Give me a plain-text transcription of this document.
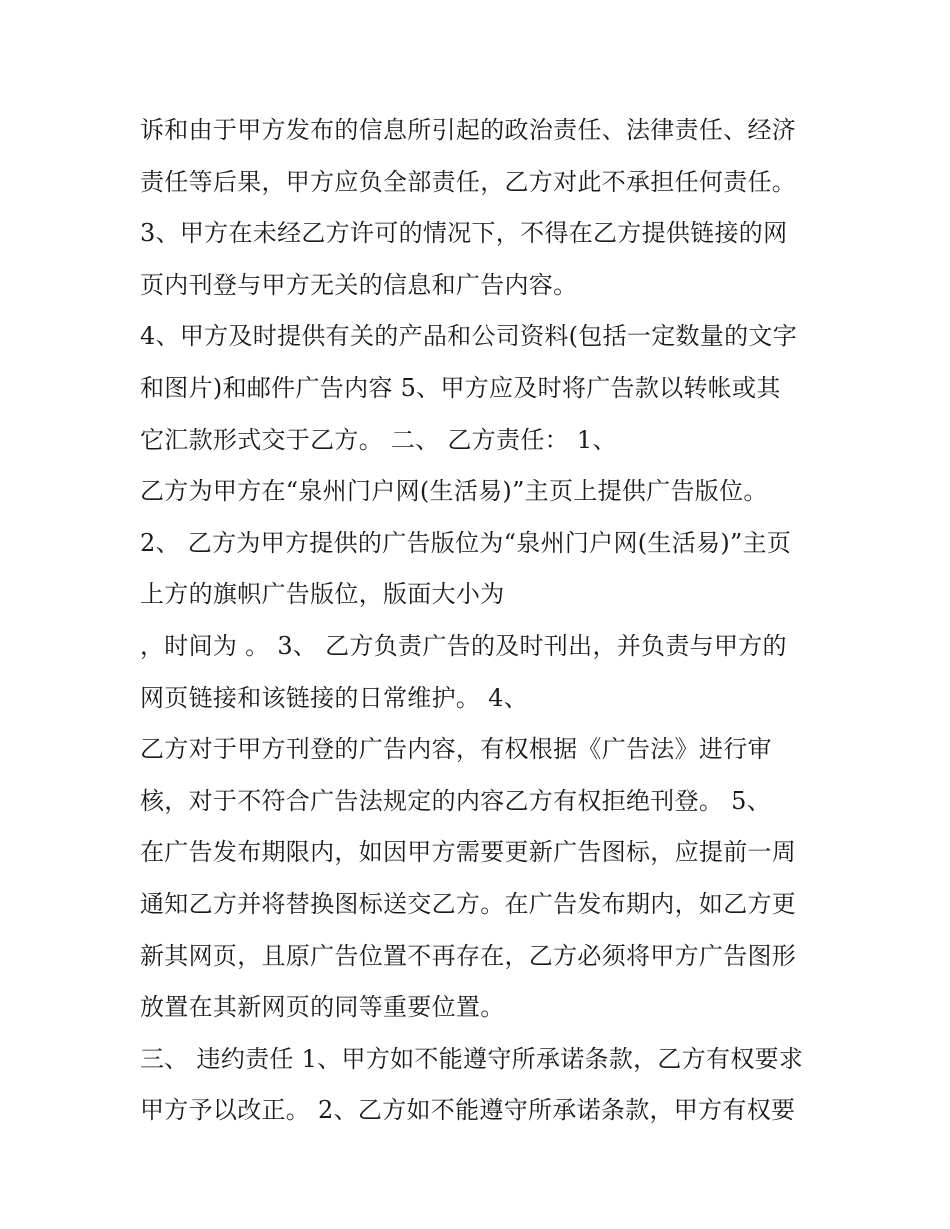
诉和由于甲方发布的信息所引起的政治责任、法律责任、经济
责任等后果，甲方应负全部责任，乙方对此不承担任何责任。
3、甲方在未经乙方许可的情况下，不得在乙方提供链接的网
页内刊登与甲方无关的信息和广告内容。
4、甲方及时提供有关的产品和公司资料(包括一定数量的文字
和图片)和邮件广告内容 5、甲方应及时将广告款以转帐或其
它汇款形式交于乙方。 二、 乙方责任： 1、
乙方为甲方在“泉州门户网(生活易)”主页上提供广告版位。
2、 乙方为甲方提供的广告版位为“泉州门户网(生活易)”主页
上方的旗帜广告版位，版面大小为
，时间为 。 3、 乙方负责广告的及时刊出，并负责与甲方的
网页链接和该链接的日常维护。 4、
乙方对于甲方刊登的广告内容，有权根据《广告法》进行审
核，对于不符合广告法规定的内容乙方有权拒绝刊登。 5、
在广告发布期限内，如因甲方需要更新广告图标，应提前一周
通知乙方并将替换图标送交乙方。在广告发布期内，如乙方更
新其网页，且原广告位置不再存在，乙方必须将甲方广告图形
放置在其新网页的同等重要位置。
三、 违约责任 1、甲方如不能遵守所承诺条款，乙方有权要求
甲方予以改正。 2、乙方如不能遵守所承诺条款，甲方有权要
